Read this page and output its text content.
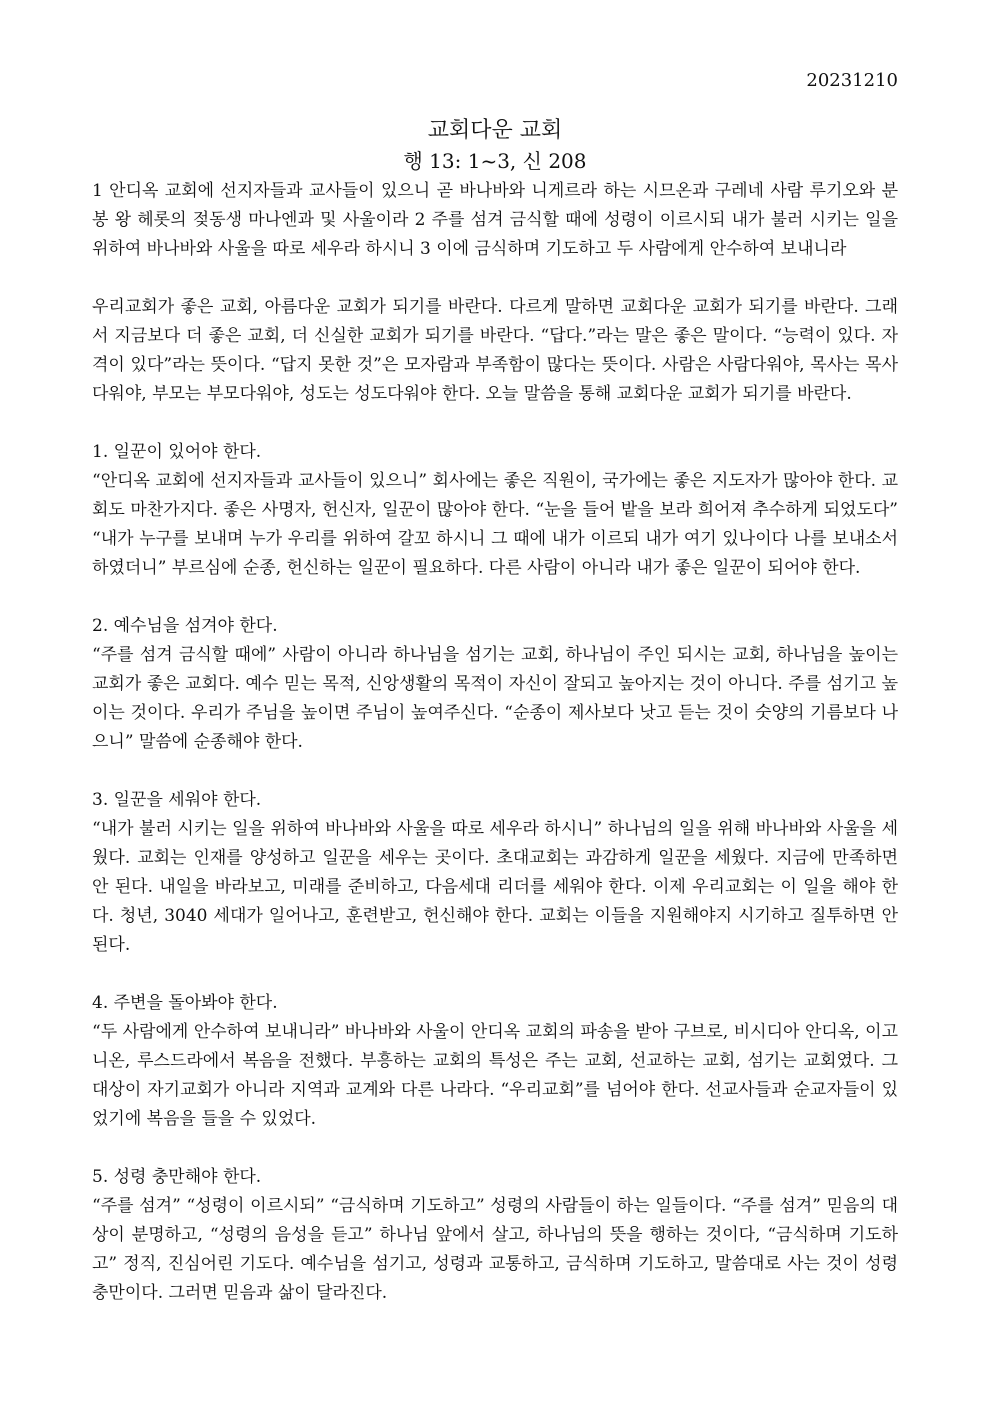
20231210
교회다운 교회
행 13: 1~3, 신 208

1 안디옥 교회에 선지자들과 교사들이 있으니 곧 바나바와 니게르라 하는 시므온과 구레네 사람 루기오와 분봉 왕 헤롯의 젖동생 마나엔과 및 사울이라 2 주를 섬겨 금식할 때에 성령이 이르시되 내가 불러 시키는 일을 위하여 바나바와 사울을 따로 세우라 하시니 3 이에 금식하며 기도하고 두 사람에게 안수하여 보내니라

우리교회가 좋은 교회, 아름다운 교회가 되기를 바란다. 다르게 말하면 교회다운 교회가 되기를 바란다. 그래서 지금보다 더 좋은 교회, 더 신실한 교회가 되기를 바란다. “답다.”라는 말은 좋은 말이다. “능력이 있다. 자격이 있다”라는 뜻이다. “답지 못한 것”은 모자람과 부족함이 많다는 뜻이다. 사람은 사람다워야, 목사는 목사다워야, 부모는 부모다워야, 성도는 성도다워야 한다. 오늘 말씀을 통해 교회다운 교회가 되기를 바란다.

1. 일꾼이 있어야 한다.

“안디옥 교회에 선지자들과 교사들이 있으니” 회사에는 좋은 직원이, 국가에는 좋은 지도자가 많아야 한다. 교회도 마찬가지다. 좋은 사명자, 헌신자, 일꾼이 많아야 한다. “눈을 들어 밭을 보라 희어져 추수하게 되었도다” “내가 누구를 보내며 누가 우리를 위하여 갈꼬 하시니 그 때에 내가 이르되 내가 여기 있나이다 나를 보내소서 하였더니” 부르심에 순종, 헌신하는 일꾼이 필요하다. 다른 사람이 아니라 내가 좋은 일꾼이 되어야 한다.

2. 예수님을 섬겨야 한다.

“주를 섬겨 금식할 때에” 사람이 아니라 하나님을 섬기는 교회, 하나님이 주인 되시는 교회, 하나님을 높이는 교회가 좋은 교회다. 예수 믿는 목적, 신앙생활의 목적이 자신이 잘되고 높아지는 것이 아니다. 주를 섬기고 높이는 것이다. 우리가 주님을 높이면 주님이 높여주신다. “순종이 제사보다 낫고 듣는 것이 숫양의 기름보다 나으니” 말씀에 순종해야 한다.

3. 일꾼을 세워야 한다.

“내가 불러 시키는 일을 위하여 바나바와 사울을 따로 세우라 하시니” 하나님의 일을 위해 바나바와 사울을 세웠다. 교회는 인재를 양성하고 일꾼을 세우는 곳이다. 초대교회는 과감하게 일꾼을 세웠다. 지금에 만족하면 안 된다. 내일을 바라보고, 미래를 준비하고, 다음세대 리더를 세워야 한다. 이제 우리교회는 이 일을 해야 한다. 청년, 3040 세대가 일어나고, 훈련받고, 헌신해야 한다. 교회는 이들을 지원해야지 시기하고 질투하면 안 된다.

4. 주변을 돌아봐야 한다.

“두 사람에게 안수하여 보내니라” 바나바와 사울이 안디옥 교회의 파송을 받아 구브로, 비시디아 안디옥, 이고니온, 루스드라에서 복음을 전했다. 부흥하는 교회의 특성은 주는 교회, 선교하는 교회, 섬기는 교회였다. 그 대상이 자기교회가 아니라 지역과 교계와 다른 나라다. “우리교회”를 넘어야 한다. 선교사들과 순교자들이 있었기에 복음을 들을 수 있었다.

5. 성령 충만해야 한다.

“주를 섬겨” “성령이 이르시되” “금식하며 기도하고” 성령의 사람들이 하는 일들이다. “주를 섬겨” 믿음의 대상이 분명하고, “성령의 음성을 듣고” 하나님 앞에서 살고, 하나님의 뜻을 행하는 것이다, “금식하며 기도하고” 정직, 진심어린 기도다. 예수님을 섬기고, 성령과 교통하고, 금식하며 기도하고, 말씀대로 사는 것이 성령충만이다. 그러면 믿음과 삶이 달라진다.
